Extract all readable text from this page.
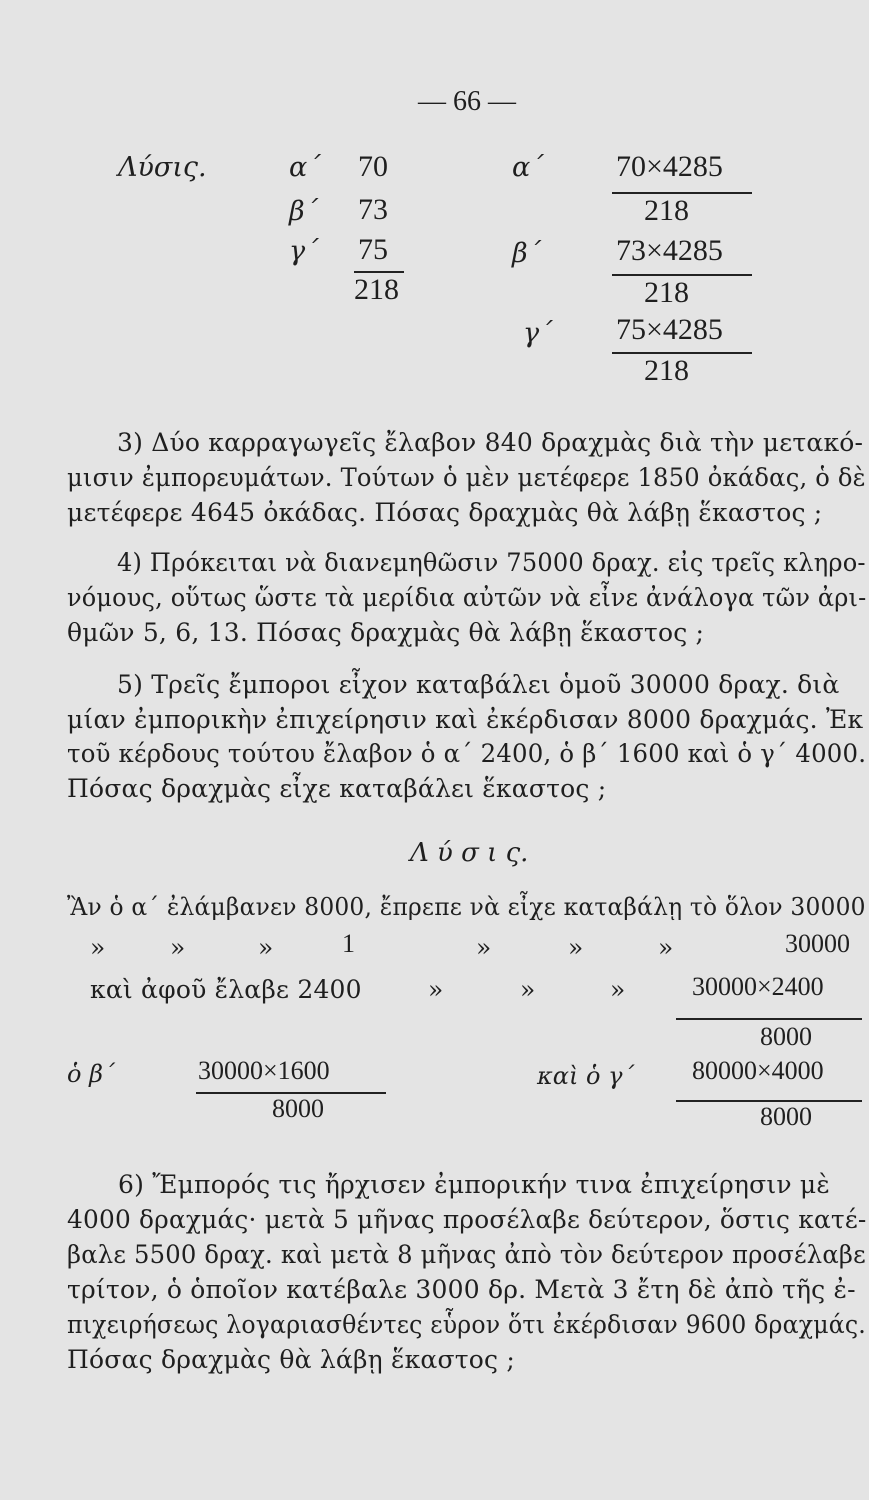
— 66 —
Λύσις.	α΄ 70
β΄ 73
γ΄ 75
218
α΄ 70×4285
218
β΄ 73×4285
218
γ΄ 75×4285
218
3) Δύο καρραγωγεῖς ἔλαβον 840 δραχμὰς διὰ τὴν μετακό-
μισιν ἐμπορευμάτων. Τούτων ὁ μὲν μετέφερε 1850 ὀκάδας, ὁ δὲ
μετέφερε 4645 ὀκάδας. Πόσας δραχμὰς θὰ λάβῃ ἕκαστος ;
4) Πρόκειται νὰ διανεμηθῶσιν 75000 δραχ. εἰς τρεῖς κληρο-
νόμους, οὕτως ὥστε τὰ μερίδια αὐτῶν νὰ εἶνε ἀνάλογα τῶν ἀρι-
θμῶν 5, 6, 13. Πόσας δραχμὰς θὰ λάβῃ ἕκαστος ;
5) Τρεῖς ἔμποροι εἶχον καταβάλει ὁμοῦ 30000 δραχ. διὰ
μίαν ἐμπορικὴν ἐπιχείρησιν καὶ ἐκέρδισαν 8000 δραχμάς. Ἐκ
τοῦ κέρδους τούτου ἔλαβον ὁ α΄ 2400, ὁ β΄ 1600 καὶ ὁ γ΄ 4000.
Πόσας δραχμὰς εἶχε καταβάλει ἕκαστος ;
Λ ύ σ ι ς.
Ἂν ὁ α΄ ἐλάμβανεν 8000, ἔπρεπε νὰ εἶχε καταβάλῃ τὸ ὅλον 30000
»	»	»	1	»	»	»	30000
καὶ ἀφοῦ ἔλαβε 2400	»	»	»	30000×2400
8000
ὁ β΄	30000×1600
8000
καὶ ὁ γ΄ 80000×4000
8000
6) Ἔμπορός τις ἤρχισεν ἐμπορικήν τινα ἐπιχείρησιν μὲ
4000 δραχμάς· μετὰ 5 μῆνας προσέλαβε δεύτερον, ὅστις κατέ-
βαλε 5500 δραχ. καὶ μετὰ 8 μῆνας ἀπὸ τὸν δεύτερον προσέλαβε
τρίτον, ὁ ὁποῖον κατέβαλε 3000 δρ. Μετὰ 3 ἔτη δὲ ἀπὸ τῆς ἐ-
πιχειρήσεως λογαριασθέντες εὗρον ὅτι ἐκέρδισαν 9600 δραχμάς.
Πόσας δραχμὰς θὰ λάβῃ ἕκαστος ;
